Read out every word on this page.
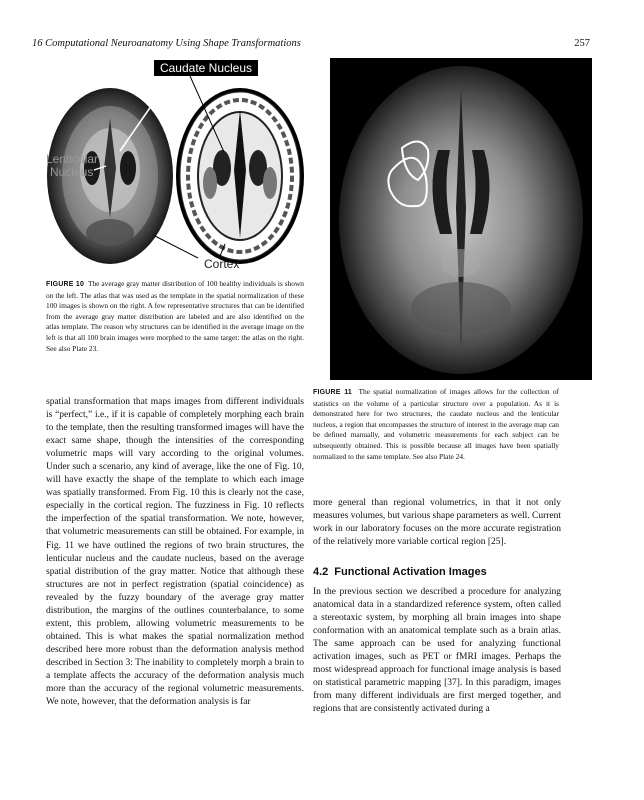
16 Computational Neuroanatomy Using Shape Transformations	257
Caudate Nucleus
Lenticular
Nucleus
Cortex
FIGURE 10 The average gray matter distribution of 100 healthy individuals is shown on the left. The atlas that was used as the template in the spatial normalization of these 100 images is shown on the right. A few representative structures that can be identified from the average gray matter distribution are labeled and are also identified on the atlas template. The reason why structures can be identified in the average image on the left is that all 100 brain images were morphed to the same target: the atlas on the right. See also Plate 23.
FIGURE 11 The spatial normalization of images allows for the collection of statistics on the volume of a particular structure over a population. As it is demonstrated here for two structures, the caudate nucleus and the lenticular nucleus, a region that encompasses the structure of interest in the average map can be defined manually, and volumetric measurements for each subject can be subsequently obtained. This is possible because all images have been spatially normalized to the same template. See also Plate 24.
spatial transformation that maps images from different individuals is “perfect,” i.e., if it is capable of completely morphing each brain to the template, then the resulting transformed images will have the exact same shape, though the intensities of the corresponding volumetric maps will vary according to the original volumes. Under such a scenario, any kind of average, like the one of Fig. 10, will have exactly the shape of the template to which each image was spatially transformed. From Fig. 10 this is clearly not the case, especially in the cortical region. The fuzziness in Fig. 10 reflects the imperfection of the spatial transformation. We note, however, that volumetric measurements can still be obtained. For example, in Fig. 11 we have outlined the regions of two brain structures, the lenticular nucleus and the caudate nucleus, based on the average spatial distribution of the gray matter. Notice that although these structures are not in perfect registration (spatial coincidence) as revealed by the fuzzy boundary of the average gray matter distribution, the margins of the outlines counterbalance, to some extent, this problem, allowing volumetric measurements to be obtained. This is what makes the spatial normalization method described here more robust than the deformation analysis method described in Section 3: The inability to completely morph a brain to a template affects the accuracy of the deformation analysis much more than the accuracy of the regional volumetric measurements. We note, however, that the deformation analysis is far
more general than regional volumetrics, in that it not only measures volumes, but various shape parameters as well. Current work in our laboratory focuses on the more accurate registration of the relatively more variable cortical region [25].
4.2 Functional Activation Images
In the previous section we described a procedure for analyzing anatomical data in a standardized reference system, often called a stereotaxic system, by morphing all brain images into shape conformation with an anatomical template such as a brain atlas. The same approach can be used for analyzing functional activation images, such as PET or fMRI images. Perhaps the most widespread approach for functional image analysis is based on statistical parametric mapping [37]. In this paradigm, images from many different individuals are first merged together, and regions that are consistently activated during a
